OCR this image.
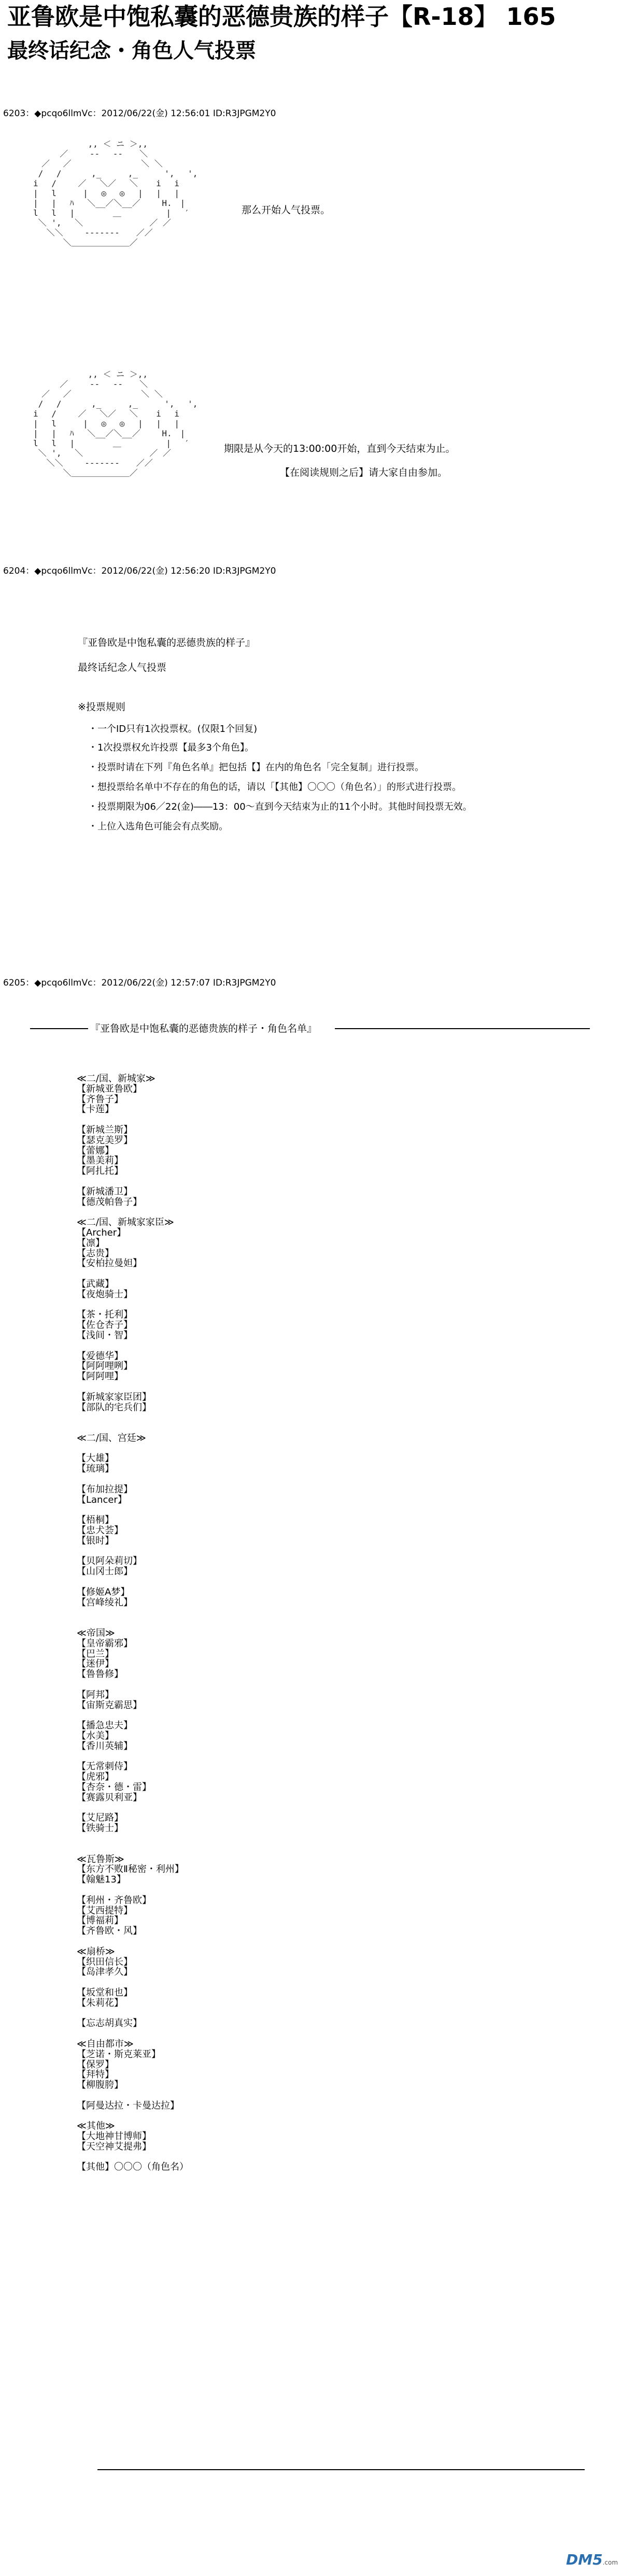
亚鲁欧是中饱私囊的恶德贵族的样子【R-18】 165
最终话纪念・角色人气投票
6203：◆pcqo6llmVc：2012/06/22(金) 12:56:01 ID:R3JPGM2Y0
　　　　　　　,, ＜ ニ ＞,,
　　　 ／　　 ‐‐　 ‐‐　　＼
　　／　 ／ 　　　 　　 　 ＼ ＼
　 /　 /　　　 ,_　 　 ,_ 　　 ',　 ',
　i　 /　　 ／　 ＼／　 ＼ 　 i　 i
　|　 l　 　 |　 ◎　 ◎　 |　 |　 |
　|　 |　 ﾊ　 ＼__／＼__／ 　　H.　|
　l　 l　 |　　　　 ＿ 　 　 　 |　 ′
　 ＼ ',　 ＼　 　 　 　 　 ／ ／
　　 ＼＼　　 ‐‐‐‐‐‐‐　　／／
　　　　 ＼＿＿＿＿＿＿＿／
那么开始人气投票。
　　　　　　　,, ＜ ニ ＞,,
　　　 ／　　 ‐‐　 ‐‐　　＼
　　／　 ／ 　　　 　　 　 ＼ ＼
　 /　 /　　　 ,_　 　 ,_ 　　 ',　 ',
　i　 /　　 ／　 ＼／　 ＼ 　 i　 i
　|　 l　 　 |　 ◎　 ◎　 |　 |　 |
　|　 |　 ﾊ　 ＼__／＼__／ 　　H.　|
　l　 l　 |　　　　 ＿ 　 　 　 |　 ′
　 ＼ ',　 ＼　 　 　 　 　 ／ ／
　　 ＼＼　　 ‐‐‐‐‐‐‐　　／／
　　　　 ＼＿＿＿＿＿＿＿／
期限是从今天的13:00:00开始，直到今天结束为止。
【在阅读规则之后】请大家自由参加。
6204：◆pcqo6llmVc：2012/06/22(金) 12:56:20 ID:R3JPGM2Y0
『亚鲁欧是中饱私囊的恶德贵族的样子』
最终话纪念人气投票
※投票规则
・一个ID只有1次投票权。(仅限1个回复)
・1次投票权允许投票【最多3个角色】。
・投票时请在下列『角色名单』把包括【】在内的角色名「完全复制」进行投票。
・想投票给名单中不存在的角色的话，请以「【其他】〇〇〇（角色名）」的形式进行投票。
・投票期限为06／22(金)――13：00～直到今天结束为止的11个小时。其他时间投票无效。
・上位入选角色可能会有点奖励。
6205：◆pcqo6llmVc：2012/06/22(金) 12:57:07 ID:R3JPGM2Y0
『亚鲁欧是中饱私囊的恶德贵族的样子・角色名单』
≪二/国、新城家≫
【新城亚鲁欧】
【齐鲁子】
【卡莲】

【新城兰斯】
【瑟克美罗】
【蕾娜】
【墨美莉】
【阿扎托】

【新城潘卫】
【德茂帕鲁子】

≪二/国、新城家家臣≫
【Archer】
【凛】
【志贵】
【安柏拉曼妲】

【武藏】
【夜炮骑士】

【茶・托利】
【佐仓杏子】
【浅间・智】

【爱德华】
【阿阿哩咧】
【阿阿哩】

【新城家家臣团】
【部队的宅兵们】

≪二/国、宫廷≫

【大雄】
【琉璃】

【布加拉提】
【Lancer】

【梧桐】
【忠犬荟】
【银时】

【贝阿朵莉切】
【山冈士郎】

【修姬A梦】
【宫峰绫礼】

≪帝国≫
【皇帝霸邪】
【巴兰】
【迷伊】
【鲁鲁修】

【阿邦】
【宙斯克霸思】

【播急忠夫】
【水美】
【香川英辅】

【无常刺侍】
【虎邪】
【杏奈・德・雷】
【赛露贝利亚】

【艾尼路】
【铁骑士】

≪瓦鲁斯≫
【东方不败Ⅱ秘密・利州】
【翰魅13】

【利州・齐鲁欧】
【艾西提特】
【博福莉】
【齐鲁欧・风】

≪扇桥≫
【织田信长】
【岛津孝久】

【坂堂和也】
【朱莉花】

【忘志胡真实】

≪自由都市≫
【芝诺・斯克莱亚】
【保罗】
【拜特】
【柳腹胯】

【阿曼达拉・卡曼达拉】

≪其他≫
【大地神甘博师】
【天空神艾提弗】

【其他】〇〇〇（角色名）
DM5.com
